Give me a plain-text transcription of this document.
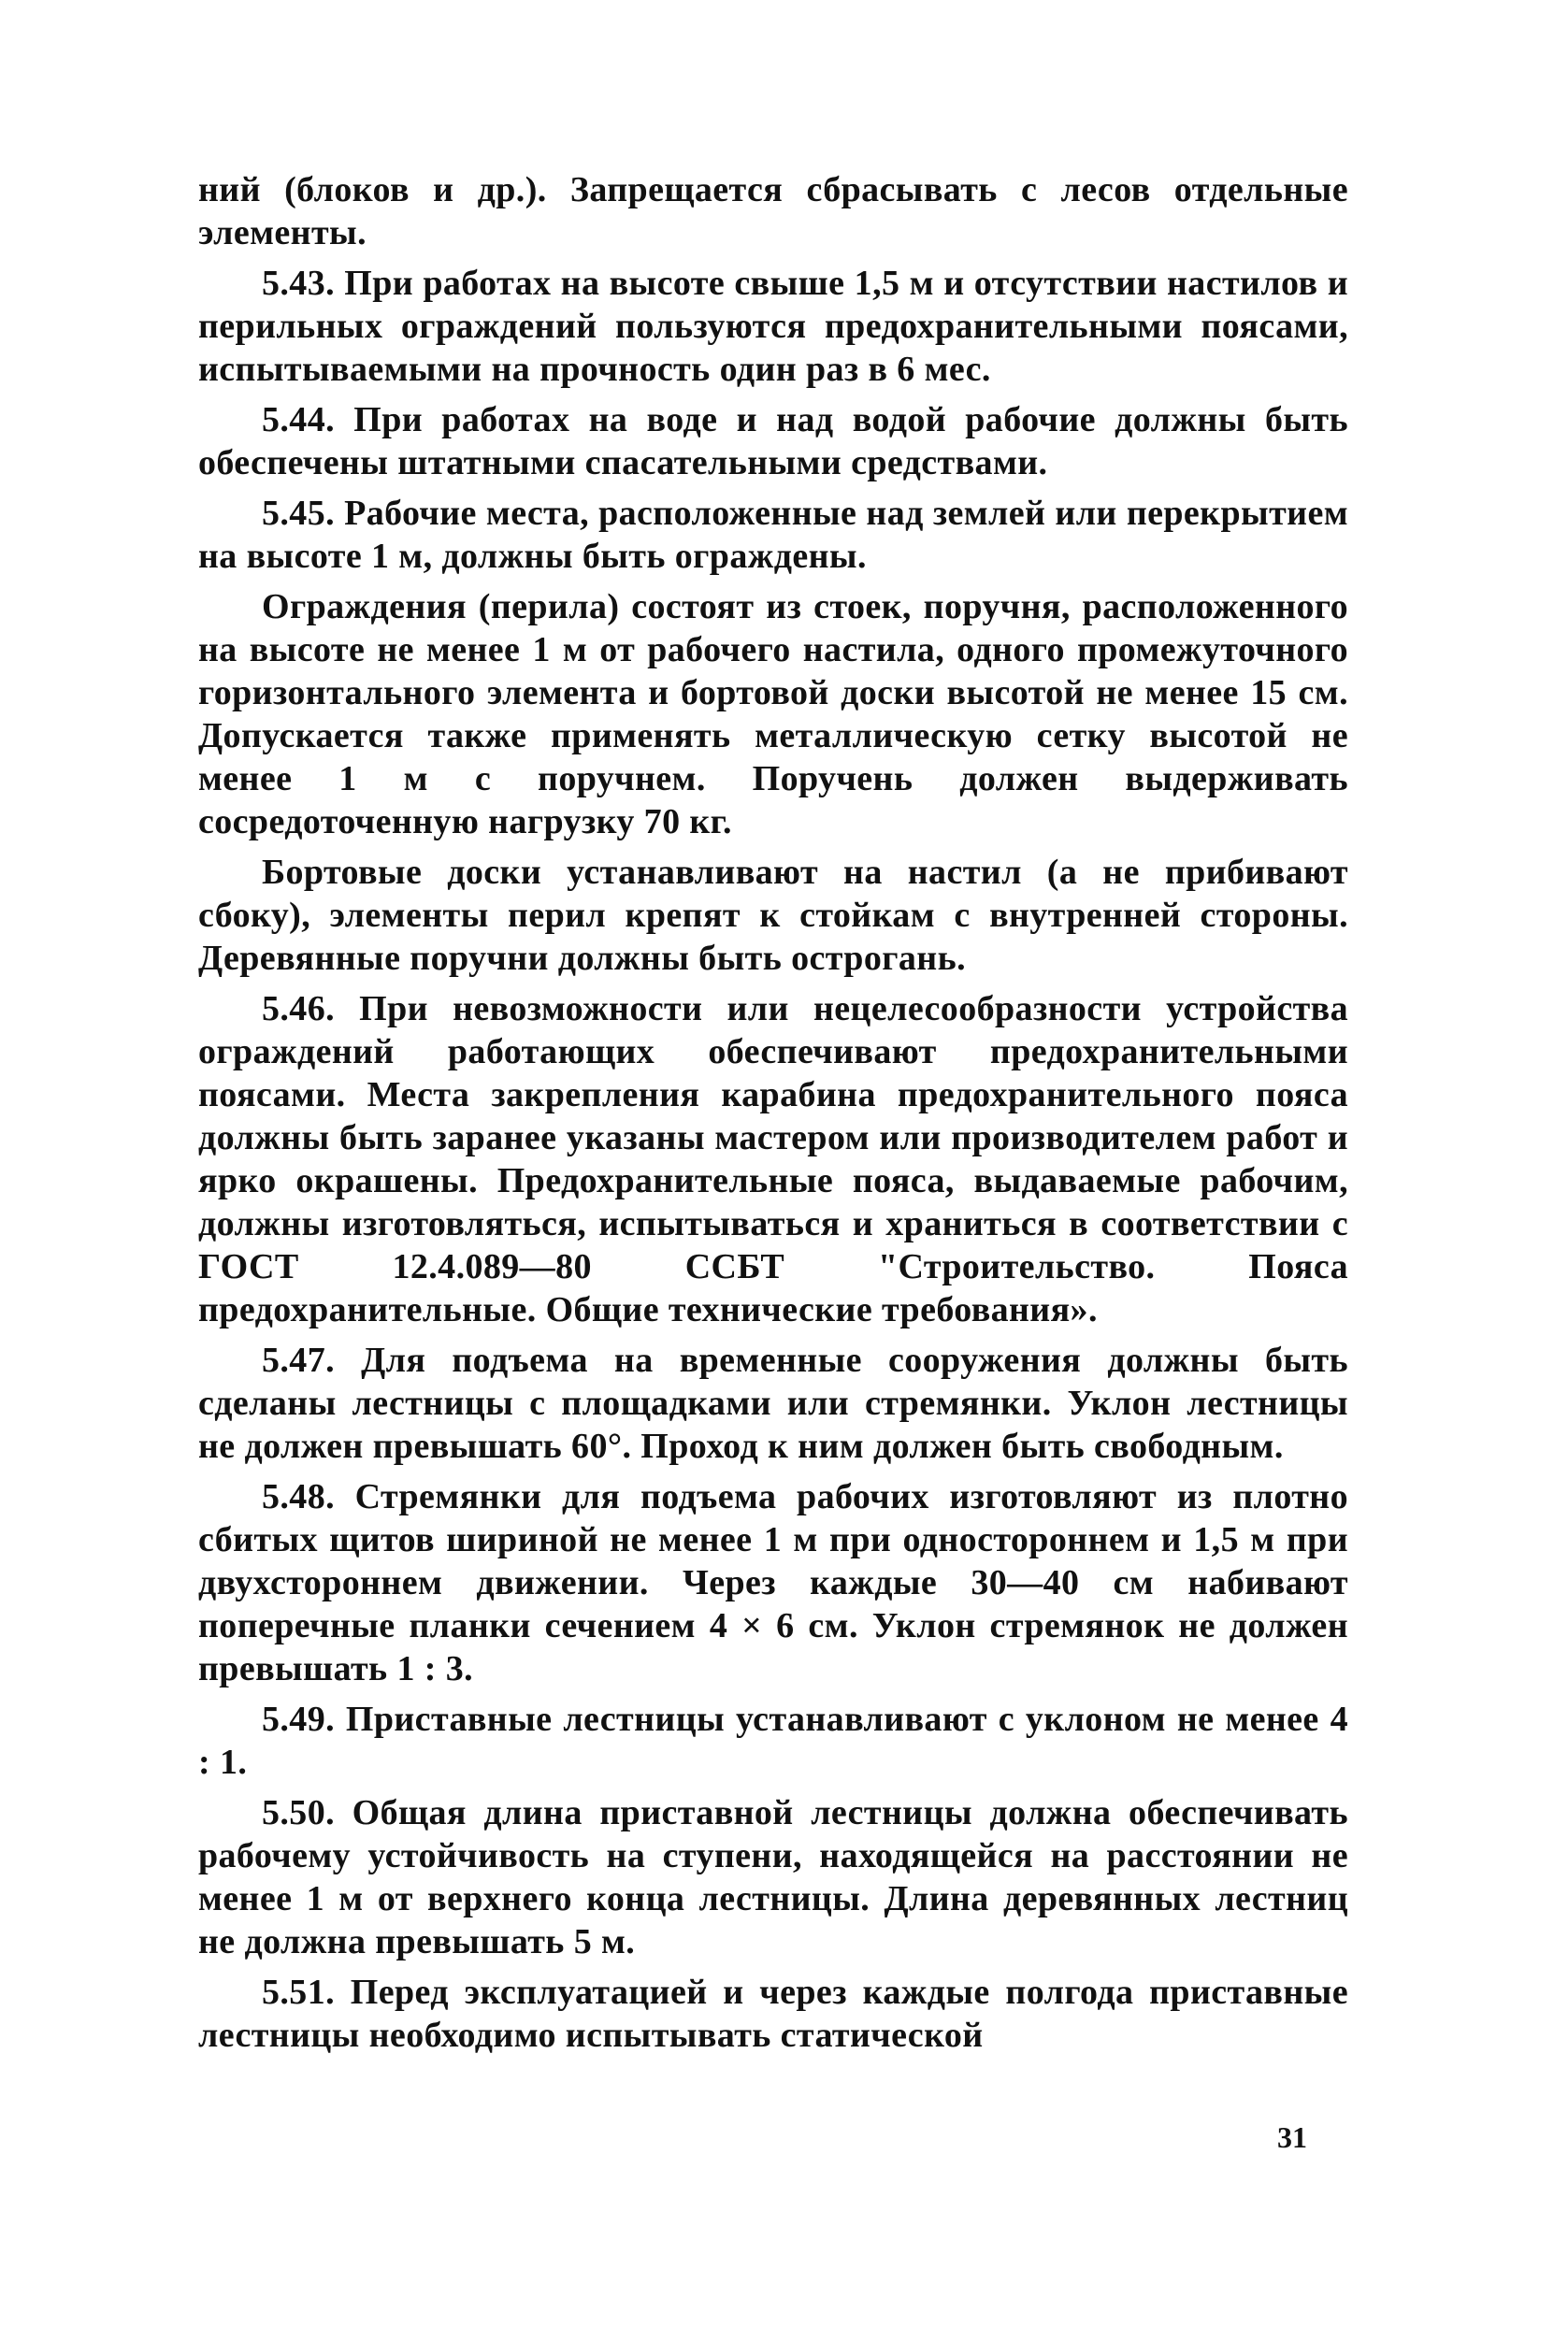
ний (блоков и др.). Запрещается сбрасывать с лесов отдельные элементы.

5.43. При работах на высоте свыше 1,5 м и отсутствии настилов и перильных ограждений пользуются предохранительными поясами, испытываемыми на прочность один раз в 6 мес.

5.44. При работах на воде и над водой рабочие должны быть обеспечены штатными спасательными средствами.

5.45. Рабочие места, расположенные над землей или перекрытием на высоте 1 м, должны быть ограждены.

Ограждения (перила) состоят из стоек, поручня, расположенного на высоте не менее 1 м от рабочего настила, одного промежуточного горизонтального элемента и бортовой доски высотой не менее 15 см. Допускается также применять металлическую сетку высотой не менее 1 м с поручнем. Поручень должен выдерживать сосредоточенную нагрузку 70 кг.

Бортовые доски устанавливают на настил (а не прибивают сбоку), элементы перил крепят к стойкам с внутренней стороны. Деревянные поручни должны быть острогань.

5.46. При невозможности или нецелесообразности устройства ограждений работающих обеспечивают предохранительными поясами. Места закрепления карабина предохранительного пояса должны быть заранее указаны мастером или производителем работ и ярко окрашены. Предохранительные пояса, выдаваемые рабочим, должны изготовляться, испытываться и храниться в соответствии с ГОСТ 12.4.089—80 ССБТ "Строительство. Пояса предохранительные. Общие технические требования».

5.47. Для подъема на временные сооружения должны быть сделаны лестницы с площадками или стремянки. Уклон лестницы не должен превышать 60°. Проход к ним должен быть свободным.

5.48. Стремянки для подъема рабочих изготовляют из плотно сбитых щитов шириной не менее 1 м при одностороннем и 1,5 м при двухстороннем движении. Через каждые 30—40 см набивают поперечные планки сечением 4 × 6 см. Уклон стремянок не должен превышать 1 : 3.

5.49. Приставные лестницы устанавливают с уклоном не менее 4 : 1.

5.50. Общая длина приставной лестницы должна обеспечивать рабочему устойчивость на ступени, находящейся на расстоянии не менее 1 м от верхнего конца лестницы. Длина деревянных лестниц не должна превышать 5 м.

5.51. Перед эксплуатацией и через каждые полгода приставные лестницы необходимо испытывать статической

31
